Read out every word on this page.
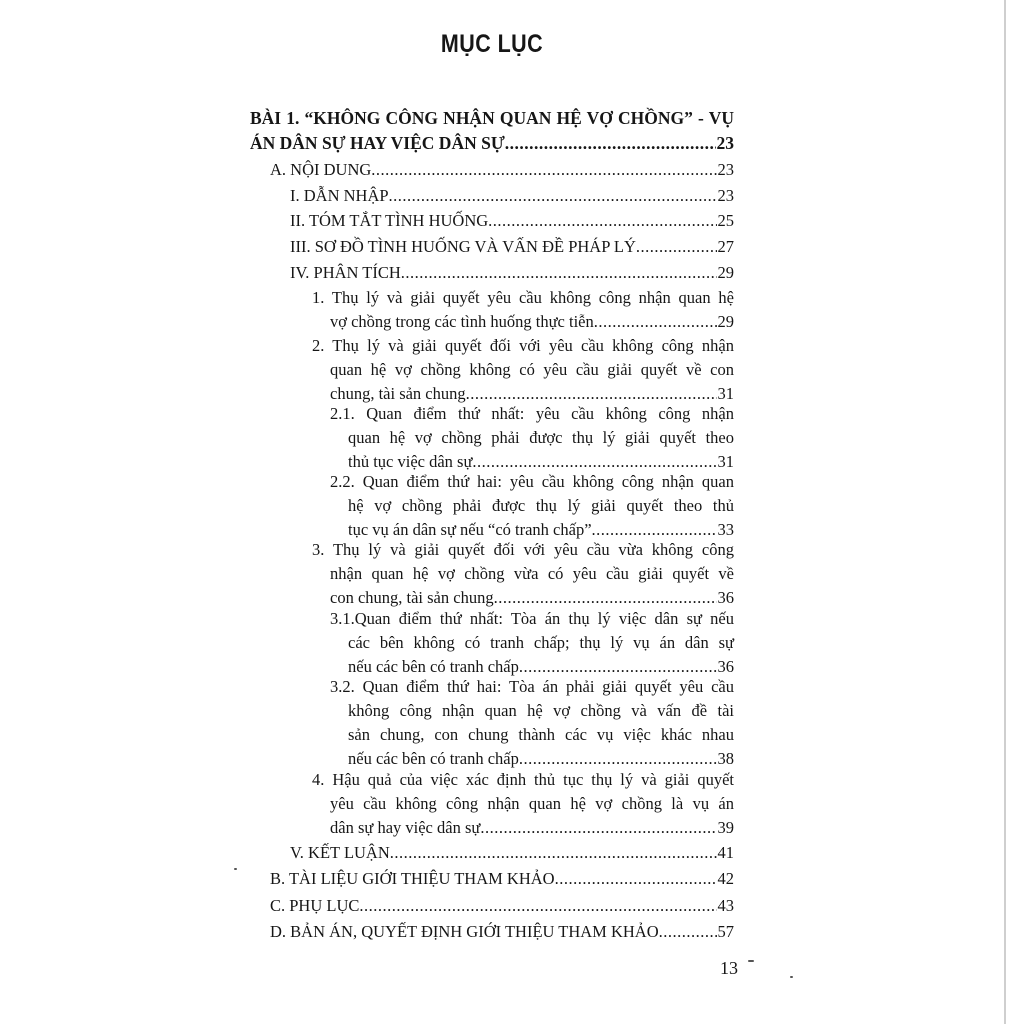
MỤC LỤC
BÀI 1. “KHÔNG CÔNG NHẬN QUAN HỆ VỢ CHỒNG” - VỤ
ÁN DÂN SỰ HAY VIỆC DÂN SỰ .....	23
A. NỘI DUNG .....	23
I. DẪN NHẬP .....	23
II. TÓM TẮT TÌNH HUỐNG .....	25
III. SƠ ĐỒ TÌNH HUỐNG VÀ VẤN ĐỀ PHÁP LÝ .....	27
IV. PHÂN TÍCH .....	29
1. Thụ lý và giải quyết yêu cầu không công nhận quan hệ
vợ chồng trong các tình huống thực tiễn .....	29
2. Thụ lý và giải quyết đối với yêu cầu không công nhận
quan hệ vợ chồng không có yêu cầu giải quyết về con
chung, tài sản chung .....	31
2.1. Quan điểm thứ nhất: yêu cầu không công nhận
quan hệ vợ chồng phải được thụ lý giải quyết theo
thủ tục việc dân sự .....	31
2.2. Quan điểm thứ hai: yêu cầu không công nhận quan
hệ vợ chồng phải được thụ lý giải quyết theo thủ
tục vụ án dân sự nếu “có tranh chấp” .....	33
3. Thụ lý và giải quyết đối với yêu cầu vừa không công
nhận quan hệ vợ chồng vừa có yêu cầu giải quyết về
con chung, tài sản chung .....	36
3.1.Quan điểm thứ nhất: Tòa án thụ lý việc dân sự nếu
các bên không có tranh chấp; thụ lý vụ án dân sự
nếu các bên có tranh chấp .....	36
3.2. Quan điểm thứ hai: Tòa án phải giải quyết yêu cầu
không công nhận quan hệ vợ chồng và vấn đề tài
sản chung, con chung thành các vụ việc khác nhau
nếu các bên có tranh chấp .....	38
4. Hậu quả của việc xác định thủ tục thụ lý và giải quyết
yêu cầu không công nhận quan hệ vợ chồng là vụ án
dân sự hay việc dân sự .....	39
V. KẾT LUẬN .....	41
B. TÀI LIỆU GIỚI THIỆU THAM KHẢO .....	42
C. PHỤ LỤC .....	43
D. BẢN ÁN, QUYẾT ĐỊNH GIỚI THIỆU THAM KHẢO .....	57
13
